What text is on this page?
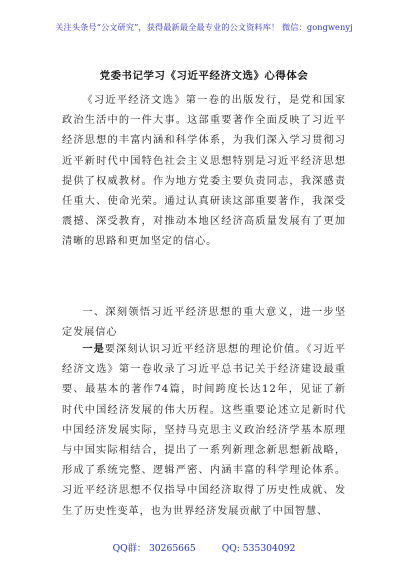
关注头条号“公文研究”，获得最新最全最专业的公文资料库！ 微信：gongwenyj
党委书记学习《习近平经济文选》心得体会

《习近平经济文选》第一卷的出版发行，是党和国家政治生活中的一件大事。这部重要著作全面反映了习近平经济思想的丰富内涵和科学体系，为我们深入学习贯彻习近平新时代中国特色社会主义思想特别是习近平经济思想提供了权威教材。作为地方党委主要负责同志，我深感责任重大、使命光荣。通过认真研读这部重要著作，我深受震撼、深受教育，对推动本地区经济高质量发展有了更加清晰的思路和更加坚定的信心。

一、深刻领悟习近平经济思想的重大意义，进一步坚定发展信心

一是要深刻认识习近平经济思想的理论价值。《习近平经济文选》第一卷收录了习近平总书记关于经济建设最重要、最基本的著作74篇，时间跨度长达12年，见证了新时代中国经济发展的伟大历程。这些重要论述立足新时代中国经济发展实际，坚持马克思主义政治经济学基本原理与中国实际相结合，提出了一系列新理念新思想新战略，形成了系统完整、逻辑严密、内涵丰富的科学理论体系。习近平经济思想不仅指导中国经济取得了历史性成就、发生了历史性变革，也为世界经济发展贡献了中国智慧、

QQ群： 30265665	QQ: 535304092
